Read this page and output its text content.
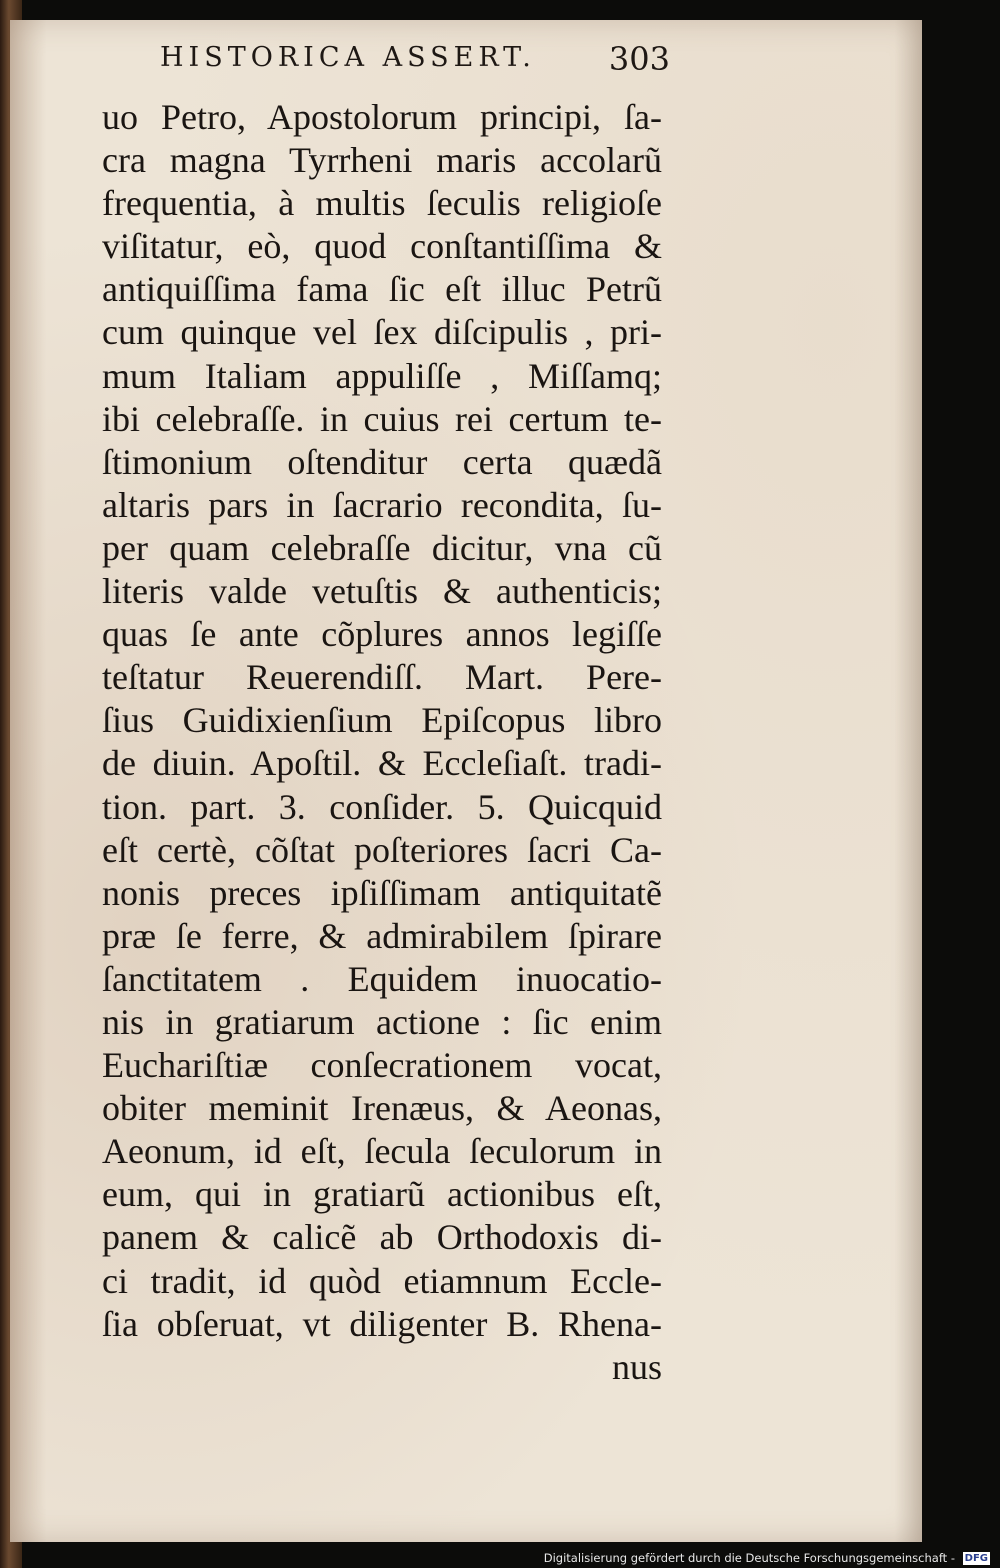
HISTORICA ASSERT. 303
uo Petro, Apostolorum principi, ſa-
cra magna Tyrrheni maris accolarũ
frequentia, à multis ſeculis religioſe
viſitatur, eò, quod conſtantiſſima &
antiquiſſima fama ſic eſt illuc Petrũ
cum quinque vel ſex diſcipulis , pri-
mum Italiam appuliſſe , Miſſamq;
ibi celebraſſe. in cuius rei certum te-
ſtimonium oſtenditur certa quædã
altaris pars in ſacrario recondita, ſu-
per quam celebraſſe dicitur, vna cũ
literis valde vetuſtis & authenticis;
quas ſe ante cõplures annos legiſſe
teſtatur Reuerendiſſ. Mart. Pere-
ſius Guidixienſium Epiſcopus libro
de diuin. Apoſtil. & Eccleſiaſt. tradi-
tion. part. 3. conſider. 5. Quicquid
eſt certè, cõſtat poſteriores ſacri Ca-
nonis preces ipſiſſimam antiquitatẽ
præ ſe ferre, & admirabilem ſpirare
ſanctitatem . Equidem inuocatio-
nis in gratiarum actione : ſic enim
Euchariſtiæ conſecrationem vocat,
obiter meminit Irenæus, & Aeonas,
Aeonum, id eſt, ſecula ſeculorum in
eum, qui in gratiarũ actionibus eſt,
panem & calicẽ ab Orthodoxis di-
ci tradit, id quòd etiamnum Eccle-
ſia obſeruat, vt diligenter B. Rhena-
nus
Digitalisierung gefördert durch die Deutsche Forschungsgemeinschaft - DFG
